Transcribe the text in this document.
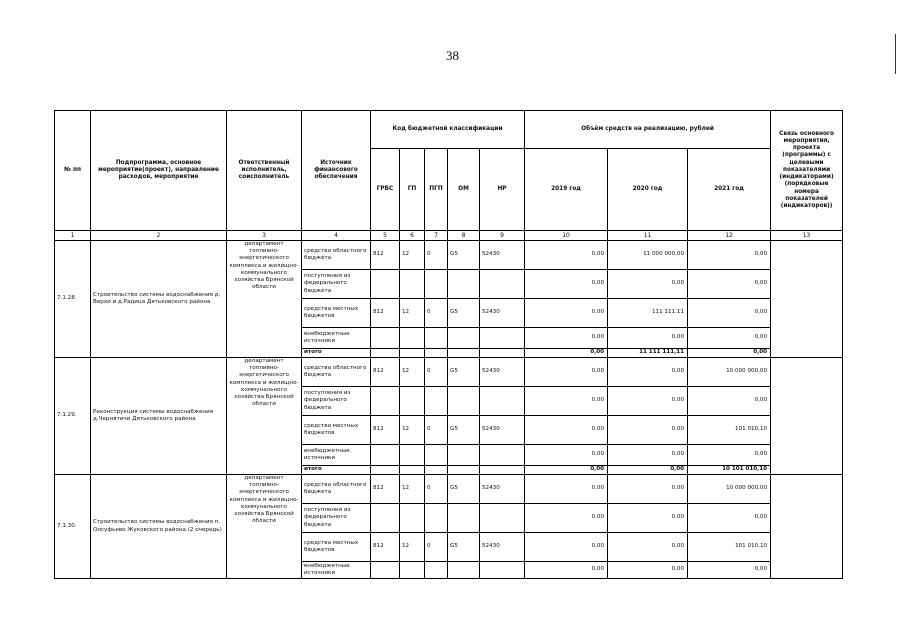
38
№ пп	Подпрограмма, основное мероприятие(проект), направление расходов, мероприятие	Ответственный исполнитель, соисполнитель	Источник финансового обеспечения	Код бюджетной классификации					Объём средств на реализацию, рублей			Связь основного мероприятия, проекта (программы) с целевыми показателями (индикаторами) (порядковые номера показателей (индикаторов))
				ГРБС	ГП	ПГП	ОМ	НР	2019 год	2020 год	2021 год	
1	2	3	4	5	6	7	8	9	10	11	12	13
7.1.28.	Строительство системы водоснабжения д. Верхи и д.Радица Дятьковского района	департамент топливно-энергетического комплекса и жилищно-коммунального хозяйства Брянской области	средства областного бюджета	812	12	0	G5	52430	0,00	11 000 000,00	0,00	
			поступления из федерального бюджета						0,00	0,00	0,00	
			средства местных бюджетов	812	12	0	G5	52430	0,00	111 111,11	0,00	
			внебюджетные источники						0,00	0,00	0,00	
			итого						0,00	11 111 111,11	0,00	
7.1.29.	Реконструкция системы водоснабжения д.Чернятичи Дятьковского района	департамент топливно-энергетического комплекса и жилищно-коммунального хозяйства Брянской области	средства областного бюджета	812	12	0	G5	52430	0,00	0,00	10 000 000,00	
			поступления из федерального бюджета						0,00	0,00	0,00	
			средства местных бюджетов	812	12	0	G5	52430	0,00	0,00	101 010,10	
			внебюджетные источники						0,00	0,00	0,00	
			итого						0,00	0,00	10 101 010,10	
7.1.30.	Строительство системы водоснабжения п. Олсуфьево Жуковского района (2 очередь)	департамент топливно-энергетического комплекса и жилищно-коммунального хозяйства Брянской области	средства областного бюджета	812	12	0	G5	52430	0,00	0,00	10 000 000,00	
			поступления из федерального бюджета						0,00	0,00	0,00	
			средства местных бюджетов	812	12	0	G5	52430	0,00	0,00	101 010,10	
			внебюджетные источники						0,00	0,00	0,00	
